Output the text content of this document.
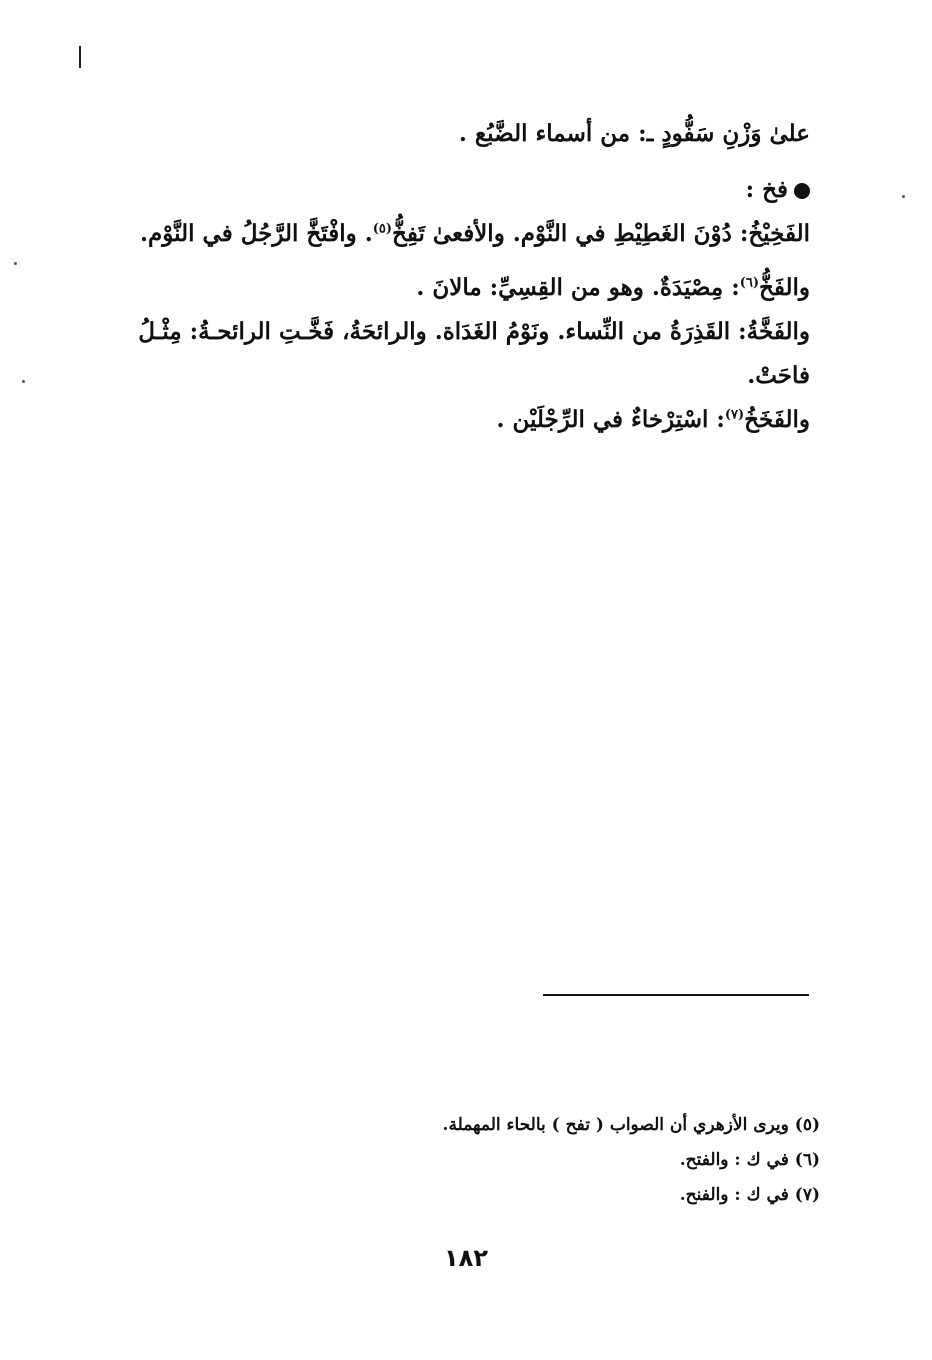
علىٰ وَزْنِ سَفُّودٍ ـ: من أسماء الضَّبُع .
فخ :
الفَخِيْخُ: دُوْنَ الغَطِيْطِ في النَّوْم. والأفعىٰ تَفِخُّ$^{(٥)}$. وافْتَخَّ الرَّجُلُ في النَّوْم.
والفَخُّ$^{(٦)}$: مِصْيَدَةٌ. وهو من القِسِيِّ: مالانَ .
والفَخَّةُ: القَذِرَةُ من النِّساء. ونَوْمُ الغَدَاة. والرائحَةُ، فَخَّـتِ الرائحـةُ: مِثْـلُ فاحَتْ.
والفَخَخُ$^{(٧)}$: اسْتِرْخاءٌ في الرِّجْلَيْن .
(٥) ويرى الأزهري أن الصواب ( تفح ) بالحاء المهملة.
(٦) في ك : والفتح.
(٧) في ك : والفنح.
١٨٢
